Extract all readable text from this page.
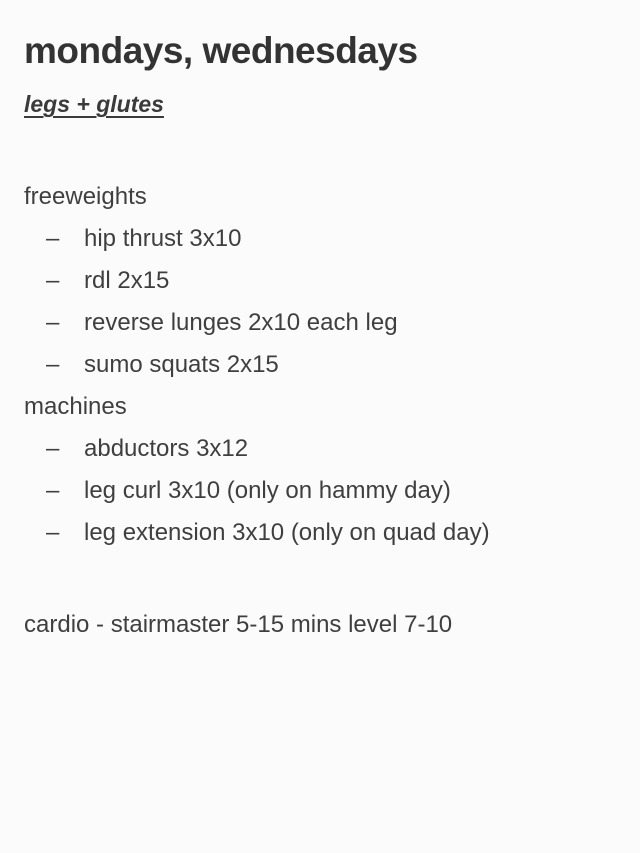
mondays, wednesdays
legs + glutes
freeweights
–	hip thrust 3x10
–	rdl 2x15
–	reverse lunges 2x10 each leg
–	sumo squats 2x15
machines
–	abductors 3x12
–	leg curl 3x10 (only on hammy day)
–	leg extension 3x10 (only on quad day)
cardio - stairmaster 5-15 mins level 7-10
